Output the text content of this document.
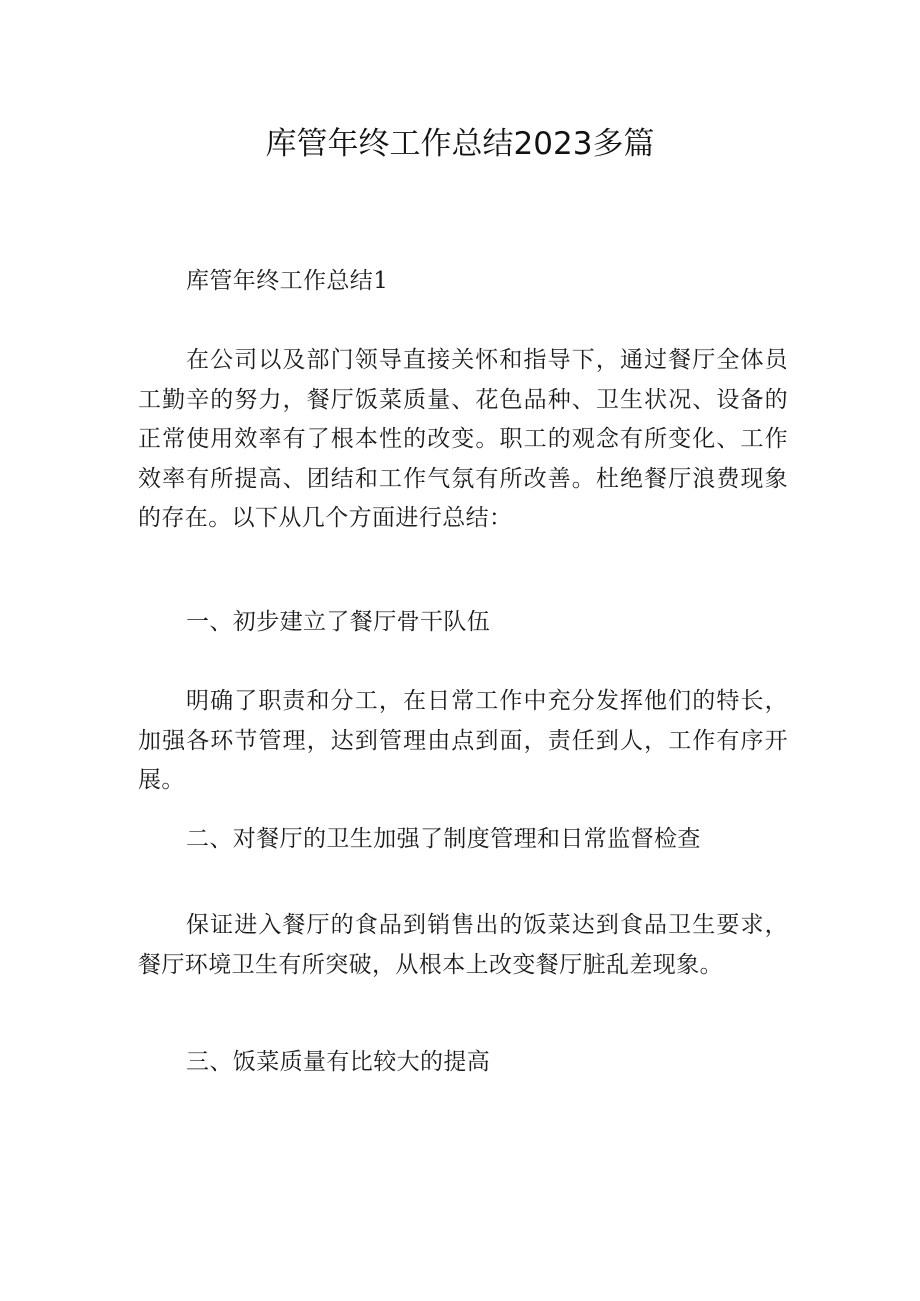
库管年终工作总结2023多篇

库管年终工作总结1

在公司以及部门领导直接关怀和指导下，通过餐厅全体员工勤辛的努力，餐厅饭菜质量、花色品种、卫生状况、设备的正常使用效率有了根本性的改变。职工的观念有所变化、工作效率有所提高、团结和工作气氛有所改善。杜绝餐厅浪费现象的存在。以下从几个方面进行总结：

一、初步建立了餐厅骨干队伍

明确了职责和分工，在日常工作中充分发挥他们的特长，加强各环节管理，达到管理由点到面，责任到人，工作有序开展。

二、对餐厅的卫生加强了制度管理和日常监督检查

保证进入餐厅的食品到销售出的饭菜达到食品卫生要求，餐厅环境卫生有所突破，从根本上改变餐厅脏乱差现象。

三、饭菜质量有比较大的提高
